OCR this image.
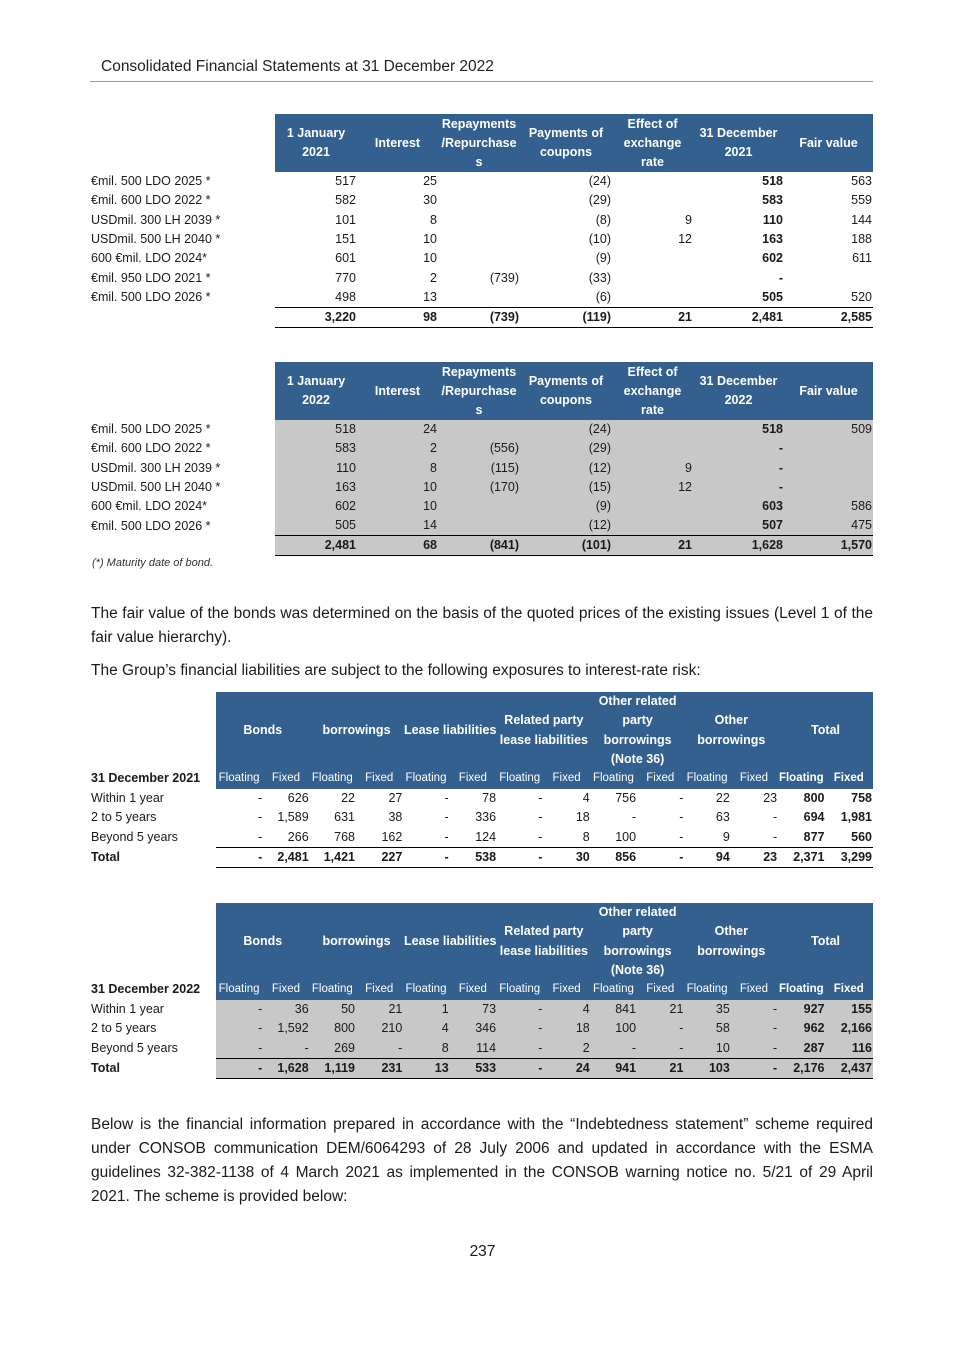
Consolidated Financial Statements at 31 December 2022
	1 January 2021	Interest	Repayments /Repurchase s	Payments of coupons	Effect of exchange rate	31 December 2021	Fair value
€mil. 500 LDO 2025 *	517	25		(24)		518	563
€mil. 600 LDO 2022 *	582	30		(29)		583	559
USDmil. 300 LH 2039 *	101	8		(8)	9	110	144
USDmil. 500 LH 2040 *	151	10		(10)	12	163	188
600 €mil. LDO 2024*	601	10		(9)		602	611
€mil. 950 LDO 2021 *	770	2	(739)	(33)		-	
€mil. 500 LDO 2026 *	498	13		(6)		505	520
	3,220	98	(739)	(119)	21	2,481	2,585
	1 January 2022	Interest	Repayments /Repurchase s	Payments of coupons	Effect of exchange rate	31 December 2022	Fair value
€mil. 500 LDO 2025 *	518	24		(24)		518	509
€mil. 600 LDO 2022 *	583	2	(556)	(29)		-	
USDmil. 300 LH 2039 *	110	8	(115)	(12)	9	-	
USDmil. 500 LH 2040 *	163	10	(170)	(15)	12	-	
600 €mil. LDO 2024*	602	10		(9)		603	586
€mil. 500 LDO 2026 *	505	14		(12)		507	475
	2,481	68	(841)	(101)	21	1,628	1,570
(*) Maturity date of bond.

The fair value of the bonds was determined on the basis of the quoted prices of the existing issues (Level 1 of the fair value hierarchy).

The Group’s financial liabilities are subject to the following exposures to interest-rate risk:

	Bonds		borrowings		Lease liabilities		Related party lease liabilities		Other related party borrowings (Note 36)		Other borrowings		Total	
31 December 2021	Floating	Fixed	Floating	Fixed	Floating	Fixed	Floating	Fixed	Floating	Fixed	Floating	Fixed	Floating	Fixed
Within 1 year	-	626	22	27	-	78	-	4	756	-	22	23	800	758
2 to 5 years	-	1,589	631	38	-	336	-	18	-	-	63	-	694	1,981
Beyond 5 years	-	266	768	162	-	124	-	8	100	-	9	-	877	560
Total	-	2,481	1,421	227	-	538	-	30	856	-	94	23	2,371	3,299
	Bonds		borrowings		Lease liabilities		Related party lease liabilities		Other related party borrowings (Note 36)		Other borrowings		Total	
31 December 2022	Floating	Fixed	Floating	Fixed	Floating	Fixed	Floating	Fixed	Floating	Fixed	Floating	Fixed	Floating	Fixed
Within 1 year	-	36	50	21	1	73	-	4	841	21	35	-	927	155
2 to 5 years	-	1,592	800	210	4	346	-	18	100	-	58	-	962	2,166
Beyond 5 years	-	-	269	-	8	114	-	2	-	-	10	-	287	116
Total	-	1,628	1,119	231	13	533	-	24	941	21	103	-	2,176	2,437

Below is the financial information prepared in accordance with the “Indebtedness statement” scheme required under CONSOB communication DEM/6064293 of 28 July 2006 and updated in accordance with the ESMA guidelines 32-382-1138 of 4 March 2021 as implemented in the CONSOB warning notice no. 5/21 of 29 April 2021. The scheme is provided below:

237
